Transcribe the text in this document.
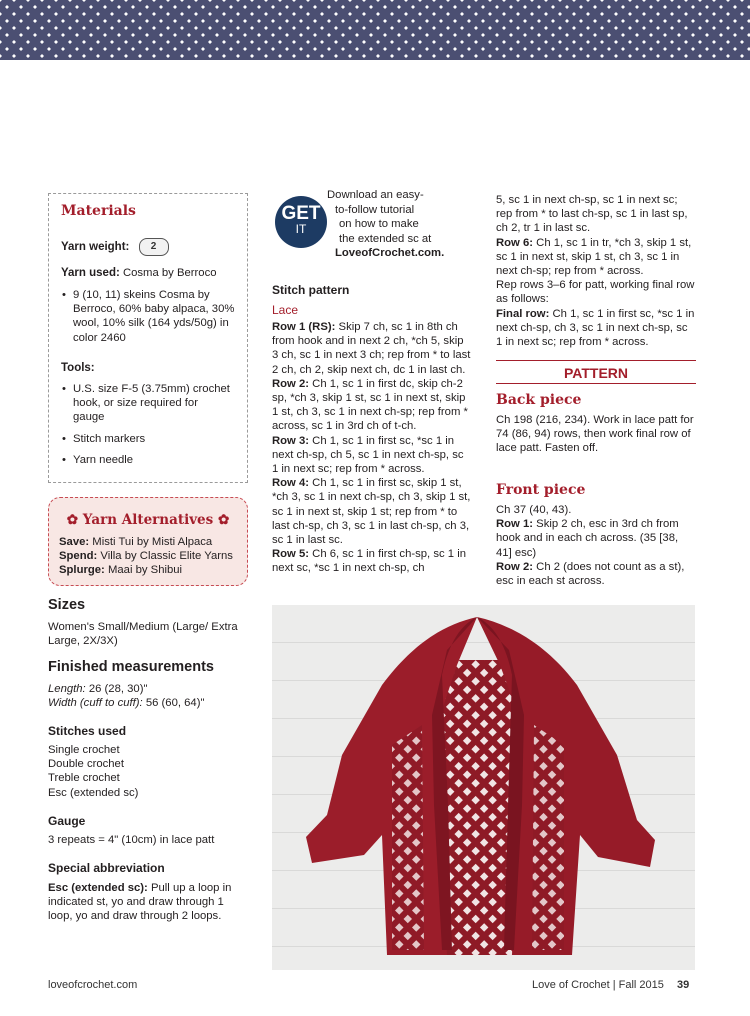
Materials
Yarn weight: 2
Yarn used: Cosma by Berroco
• 9 (10, 11) skeins Cosma by Berroco, 60% baby alpaca, 30% wool, 10% silk (164 yds/50g) in color 2460
Tools:
• U.S. size F-5 (3.75mm) crochet hook, or size required for gauge
• Stitch markers
• Yarn needle
✿ Yarn Alternatives ✿
Save: Misti Tui by Misti Alpaca
Spend: Villa by Classic Elite Yarns
Splurge: Maai by Shibui
Sizes
Women's Small/Medium (Large/ Extra Large, 2X/3X)
Finished measurements
Length: 26 (28, 30)"
Width (cuff to cuff): 56 (60, 64)"
Stitches used
Single crochet
Double crochet
Treble crochet
Esc (extended sc)
Gauge
3 repeats = 4" (10cm) in lace patt
Special abbreviation
Esc (extended sc): Pull up a loop in indicated st, yo and draw through 1 loop, yo and draw through 2 loops.
GET
IT
Download an easy-
to-follow tutorial
on how to make
the extended sc at
LoveofCrochet.com.
Stitch pattern
Lace
Row 1 (RS): Skip 7 ch, sc 1 in 8th ch from hook and in next 2 ch, *ch 5, skip 3 ch, sc 1 in next 3 ch; rep from * to last 2 ch, ch 2, skip next ch, dc 1 in last ch.
Row 2: Ch 1, sc 1 in first dc, skip ch-2 sp, *ch 3, skip 1 st, sc 1 in next st, skip 1 st, ch 3, sc 1 in next ch-sp; rep from * across, sc 1 in 3rd ch of t-ch.
Row 3: Ch 1, sc 1 in first sc, *sc 1 in next ch-sp, ch 5, sc 1 in next ch-sp, sc 1 in next sc; rep from * across.
Row 4: Ch 1, sc 1 in first sc, skip 1 st, *ch 3, sc 1 in next ch-sp, ch 3, skip 1 st, sc 1 in next st, skip 1 st; rep from * to last ch-sp, ch 3, sc 1 in last ch-sp, ch 3, sc 1 in last sc.
Row 5: Ch 6, sc 1 in first ch-sp, sc 1 in next sc, *sc 1 in next ch-sp, ch
5, sc 1 in next ch-sp, sc 1 in next sc; rep from * to last ch-sp, sc 1 in last sp, ch 2, tr 1 in last sc.
Row 6: Ch 1, sc 1 in tr, *ch 3, skip 1 st, sc 1 in next st, skip 1 st, ch 3, sc 1 in next ch-sp; rep from * across.
Rep rows 3–6 for patt, working final row as follows:
Final row: Ch 1, sc 1 in first sc, *sc 1 in next ch-sp, ch 3, sc 1 in next ch-sp, sc 1 in next sc; rep from * across.
PATTERN
Back piece
Ch 198 (216, 234). Work in lace patt for 74 (86, 94) rows, then work final row of lace patt. Fasten off.
Front piece
Ch 37 (40, 43).
Row 1: Skip 2 ch, esc in 3rd ch from hook and in each ch across. (35 [38, 41] esc)
Row 2: Ch 2 (does not count as a st), esc in each st across.
loveofcrochet.com	Love of Crochet | Fall 2015 39
